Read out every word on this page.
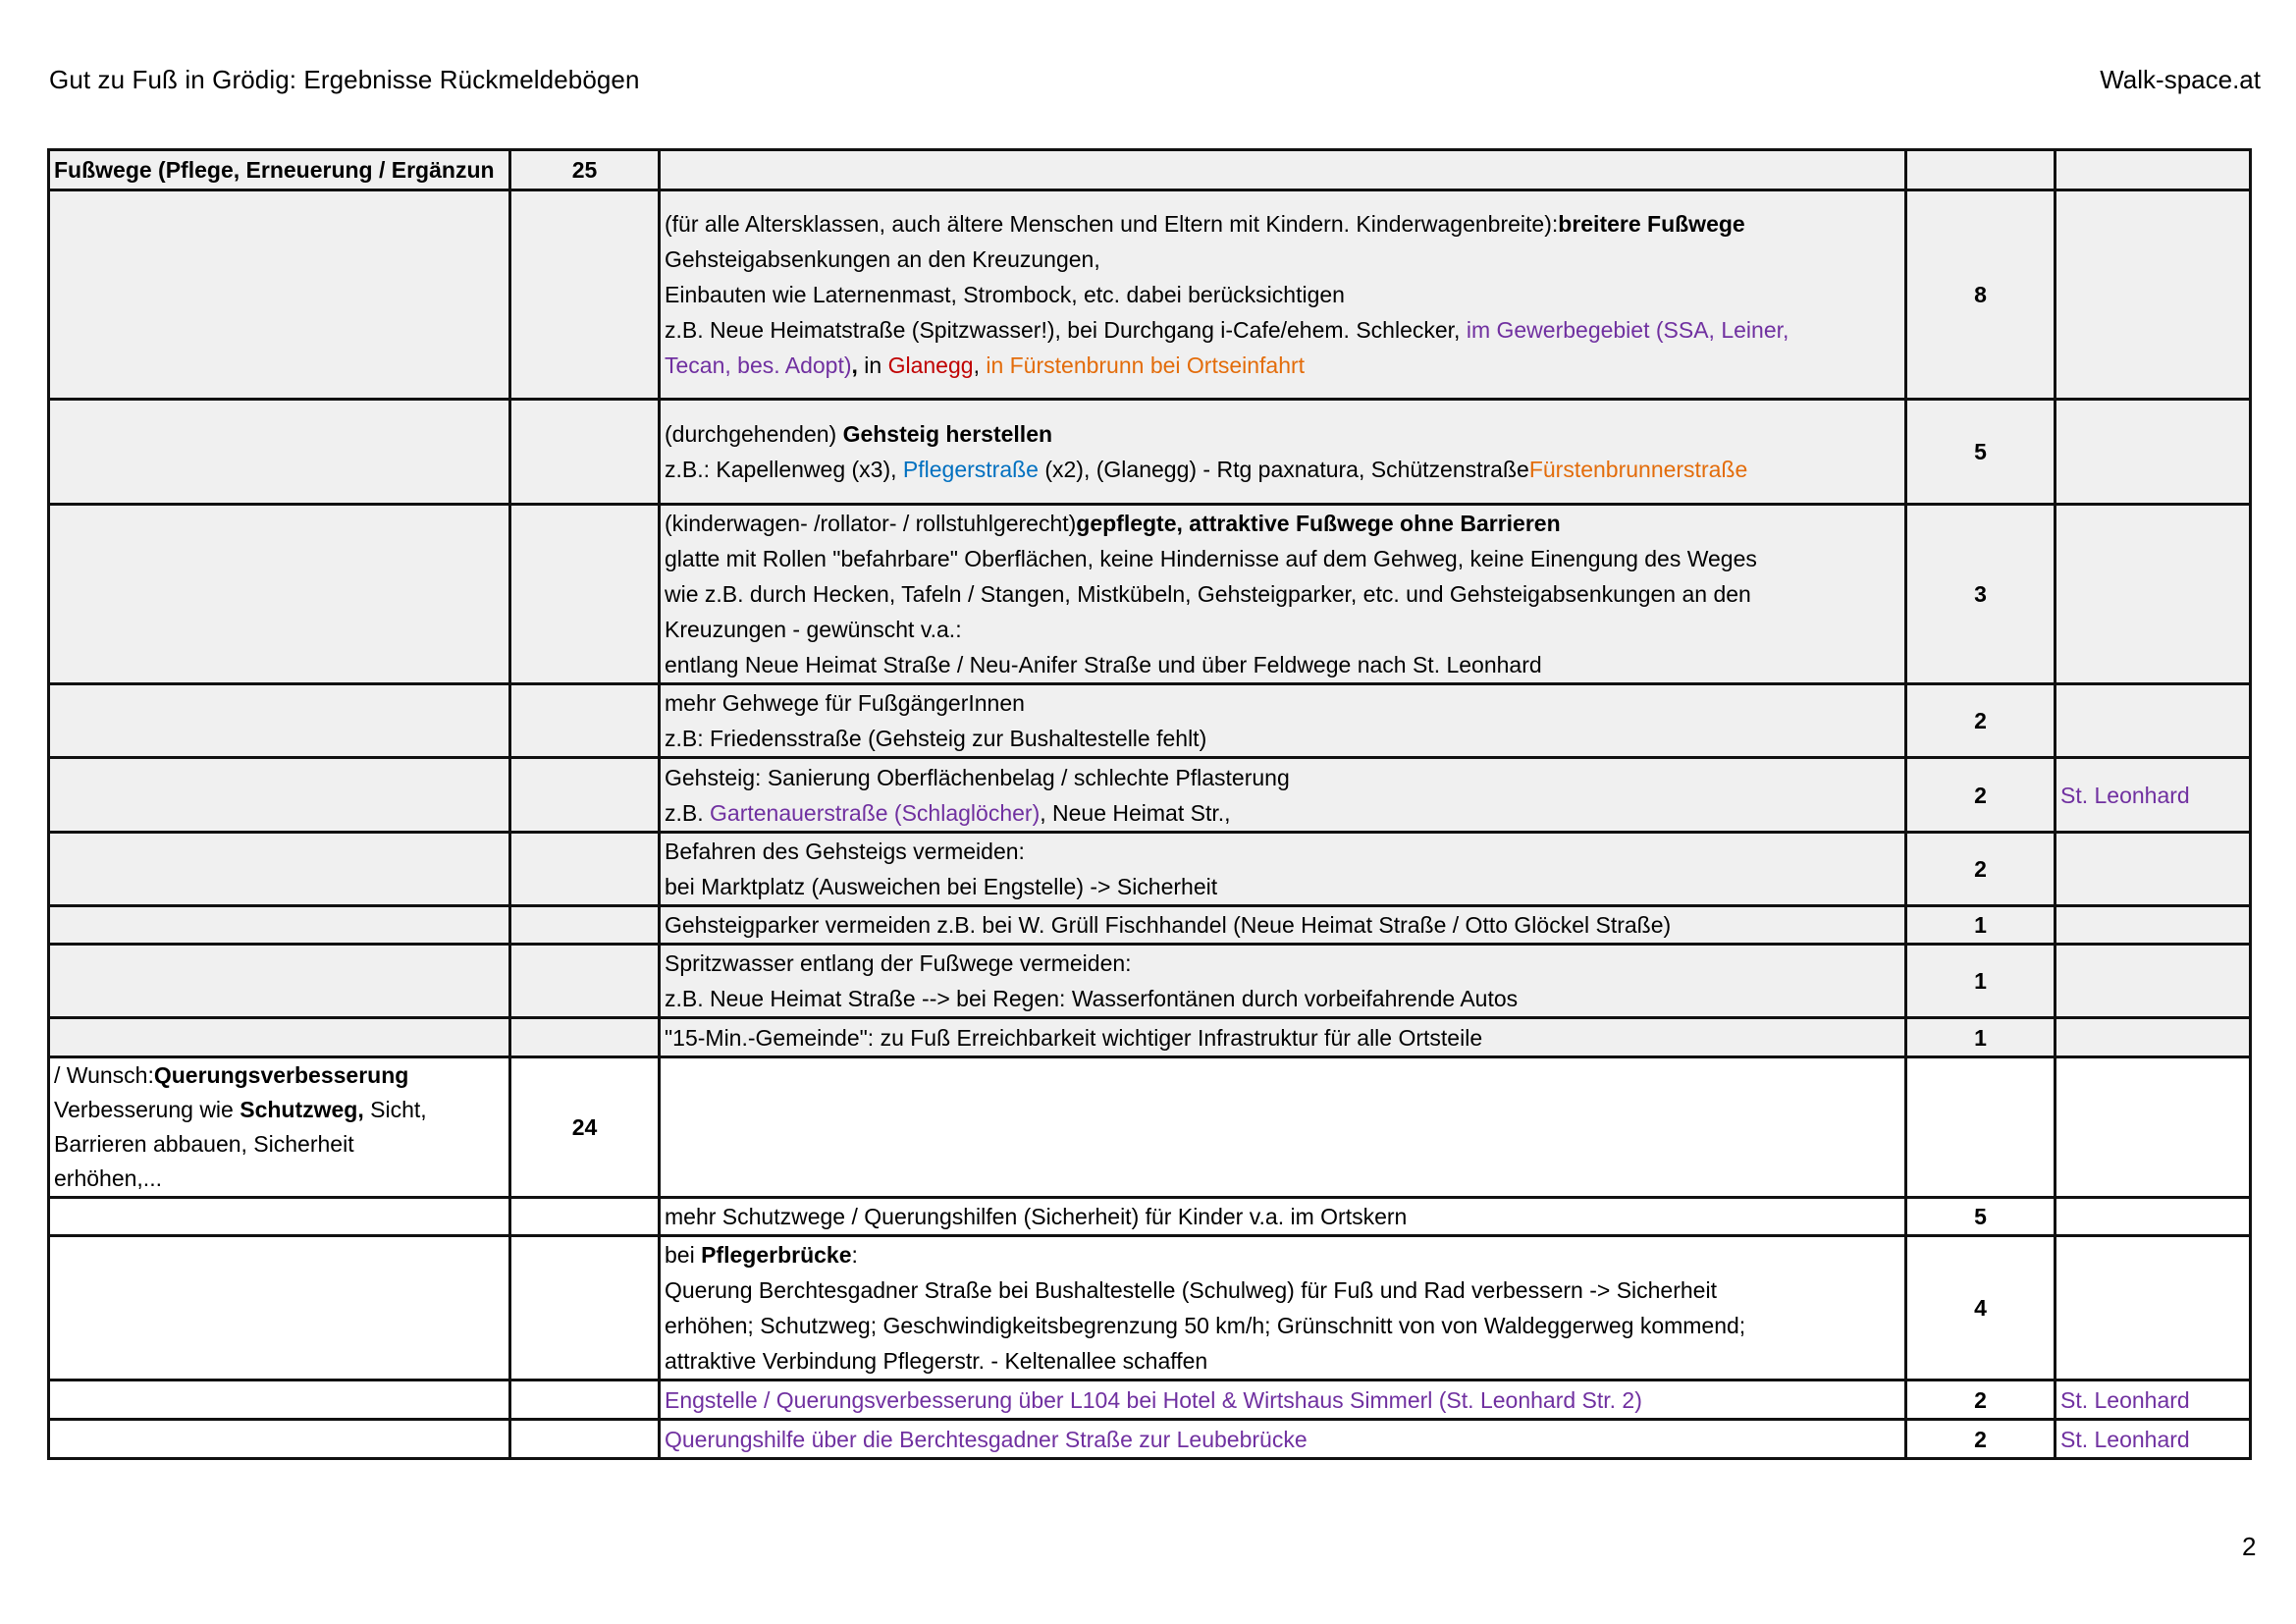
Gut zu Fuß in Grödig: Ergebnisse Rückmeldebögen	Walk-space.at
Fußwege (Pflege, Erneuerung / Ergänzun	25			

		(für alle Altersklassen, auch ältere Menschen und Eltern mit Kindern. Kinderwagenbreite):breitere Fußwege
Gehsteigabsenkungen an den Kreuzungen,
Einbauten wie Laternenmast, Strombock, etc. dabei berücksichtigen
z.B. Neue Heimatstraße (Spitzwasser!), bei Durchgang i-Cafe/ehem. Schlecker, im Gewerbegebiet (SSA, Leiner,
Tecan, bes. Adopt), in Glanegg, in Fürstenbrunn bei Ortseinfahrt	8	

		(durchgehenden) Gehsteig herstellen
z.B.: Kapellenweg (x3), Pflegerstraße (x2), (Glanegg) - Rtg paxnatura, SchützenstraßeFürstenbrunnerstraße	5	

		(kinderwagen- /rollator- / rollstuhlgerecht)gepflegte, attraktive Fußwege ohne Barrieren
glatte mit Rollen "befahrbare" Oberflächen, keine Hindernisse auf dem Gehweg, keine Einengung des Weges
wie z.B. durch Hecken, Tafeln / Stangen, Mistkübeln, Gehsteigparker, etc. und Gehsteigabsenkungen an den
Kreuzungen - gewünscht v.a.:
entlang Neue Heimat Straße / Neu-Anifer Straße und über Feldwege nach St. Leonhard	3	

		mehr Gehwege für FußgängerInnen
z.B: Friedensstraße (Gehsteig zur Bushaltestelle fehlt)	2	

		Gehsteig: Sanierung Oberflächenbelag / schlechte Pflasterung
z.B. Gartenauerstraße (Schlaglöcher), Neue Heimat Str.,	2	St. Leonhard

		Befahren des Gehsteigs vermeiden:
bei Marktplatz (Ausweichen bei Engstelle) -> Sicherheit	2	

		Gehsteigparker vermeiden z.B. bei W. Grüll Fischhandel (Neue Heimat Straße / Otto Glöckel Straße)	1	

		Spritzwasser entlang der Fußwege vermeiden:
z.B. Neue Heimat Straße --> bei Regen: Wasserfontänen durch vorbeifahrende Autos	1	

		"15-Min.-Gemeinde": zu Fuß Erreichbarkeit wichtiger Infrastruktur für alle Ortsteile	1	

/ Wunsch:Querungsverbesserung
Verbesserung wie Schutzweg, Sicht,
Barrieren abbauen, Sicherheit
erhöhen,...	24			

		mehr Schutzwege / Querungshilfen (Sicherheit) für Kinder v.a. im Ortskern	5	

		bei Pflegerbrücke:
Querung Berchtesgadner Straße bei Bushaltestelle (Schulweg) für Fuß und Rad verbessern -> Sicherheit
erhöhen; Schutzweg; Geschwindigkeitsbegrenzung 50 km/h; Grünschnitt von von Waldeggerweg kommend;
attraktive Verbindung Pflegerstr. - Keltenallee schaffen	4	

		Engstelle / Querungsverbesserung über L104 bei Hotel & Wirtshaus Simmerl (St. Leonhard Str. 2)	2	St. Leonhard

		Querungshilfe über die Berchtesgadner Straße zur Leubebrücke	2	St. Leonhard
2
